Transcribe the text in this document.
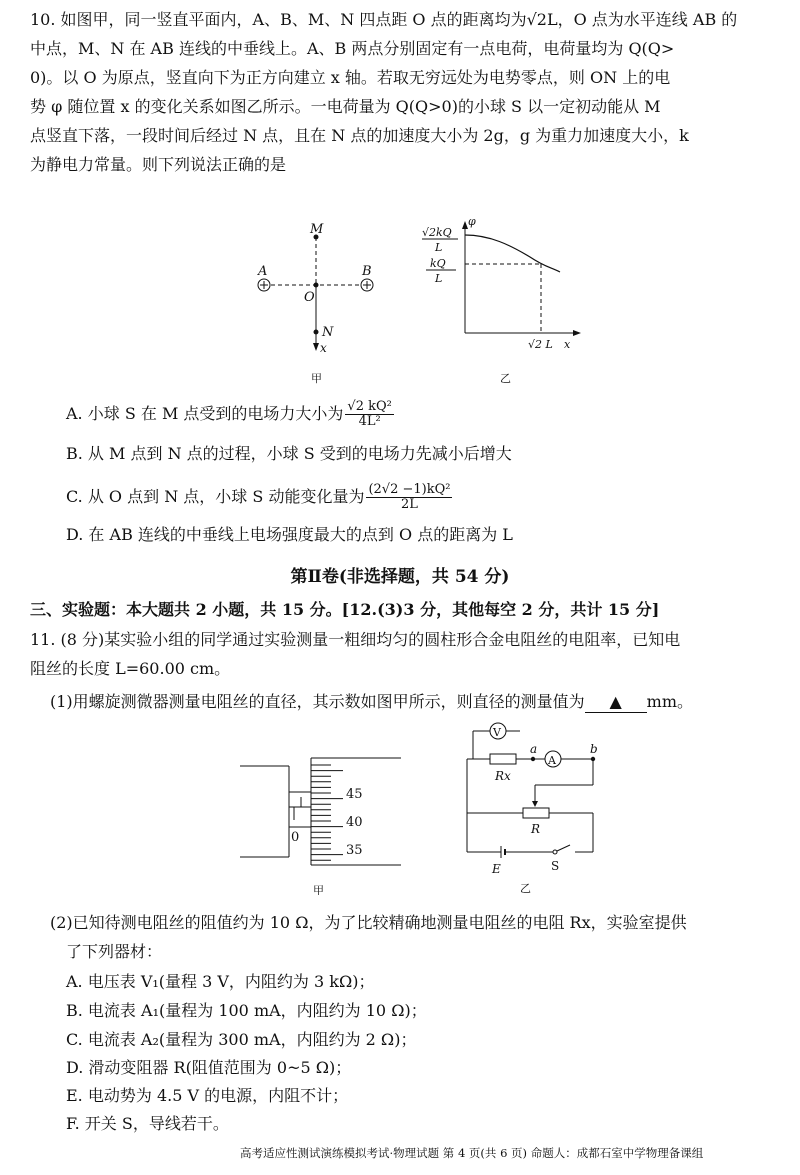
10. 如图甲，同一竖直平面内，A、B、M、N 四点距 O 点的距离均为√2L，O 点为水平连线 AB 的
中点，M、N 在 AB 连线的中垂线上。A、B 两点分别固定有一点电荷，电荷量均为 Q(Q>
0)。以 O 为原点，竖直向下为正方向建立 x 轴。若取无穷远处为电势零点，则 ON 上的电
势 φ 随位置 x 的变化关系如图乙所示。一电荷量为 Q(Q>0)的小球 S 以一定初动能从 M
点竖直下落，一段时间后经过 N 点，且在 N 点的加速度大小为 2g，g 为重力加速度大小，k
为静电力常量。则下列说法正确的是
M
A	B
O
N
x
甲
φ
√2kQ
L
kQ
L
√2 L x
乙
A. 小球 S 在 M 点受到的电场力大小为 $\frac{\text{√2 kQ²}}{\text{4L²}}$
B. 从 M 点到 N 点的过程，小球 S 受到的电场力先减小后增大
C. 从 O 点到 N 点，小球 S 动能变化量为 $\frac{\text{(2√2 −1)kQ²}}{2L}$
D. 在 AB 连线的中垂线上电场强度最大的点到 O 点的距离为 L
第Ⅱ卷(非选择题，共 54 分)
三、实验题：本大题共 2 小题，共 15 分。[12.(3)3 分，其他每空 2 分，共计 15 分]
11. (8 分)某实验小组的同学通过实验测量一粗细均匀的圆柱形合金电阻丝的电阻率，已知电
阻丝的长度 L=60.00 cm。
(1)用螺旋测微器测量电阻丝的直径，其示数如图甲所示，则直径的测量值为 ▲ mm。
45
40
35
0
甲
V
A
a	b
Rx
R
E	S
乙
(2)已知待测电阻丝的阻值约为 10 Ω，为了比较精确地测量电阻丝的电阻 Rx，实验室提供
了下列器材：
A. 电压表 V₁(量程 3 V，内阻约为 3 kΩ)；
B. 电流表 A₁(量程为 100 mA，内阻约为 10 Ω)；
C. 电流表 A₂(量程为 300 mA，内阻约为 2 Ω)；
D. 滑动变阻器 R(阻值范围为 0~5 Ω)；
E. 电动势为 4.5 V 的电源，内阻不计；
F. 开关 S，导线若干。
高考适应性测试演练模拟考试·物理试题 第 4 页(共 6 页) 命题人：成都石室中学物理备课组
